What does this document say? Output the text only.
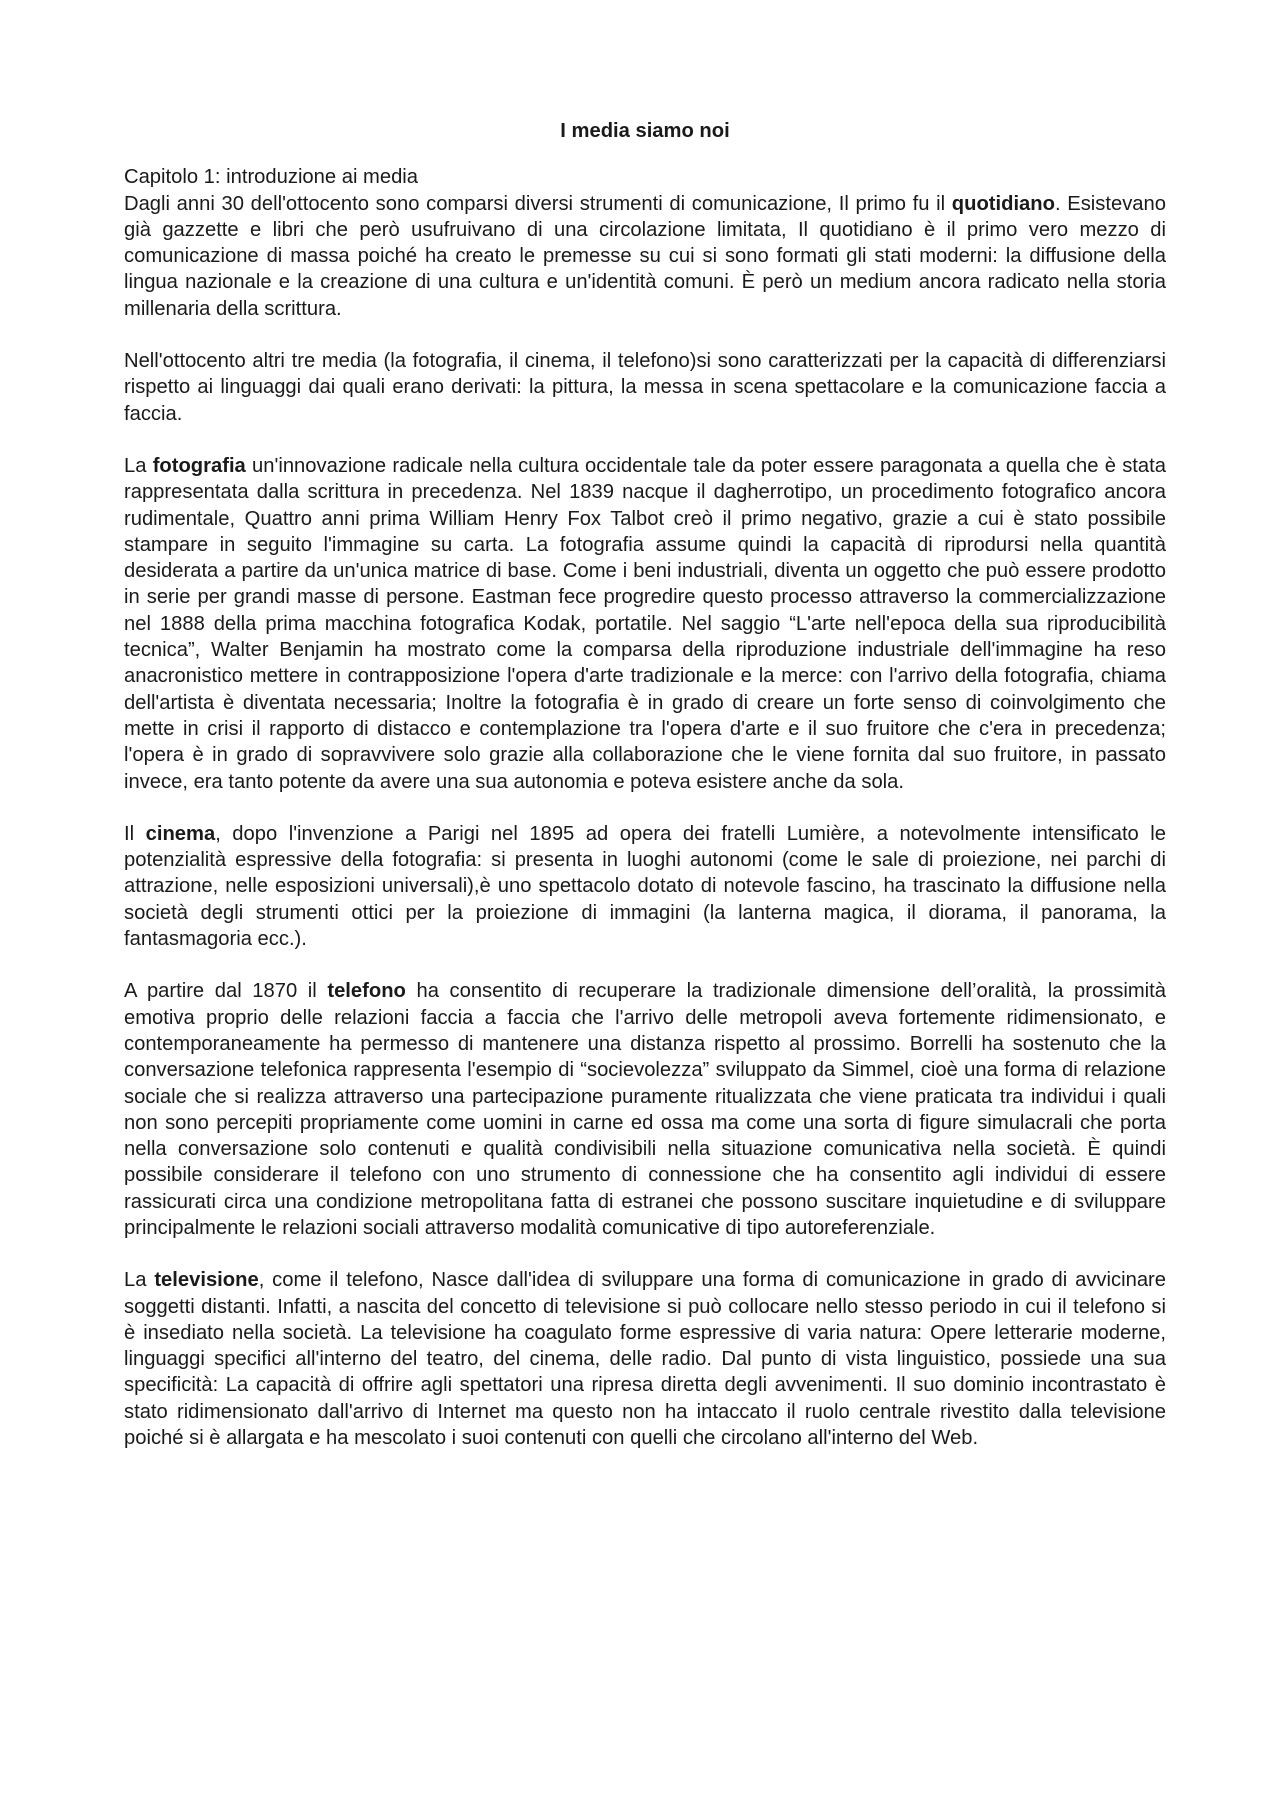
I media siamo noi
Capitolo 1: introduzione ai media

Dagli anni 30 dell'ottocento sono comparsi diversi strumenti di comunicazione, Il primo fu il quotidiano. Esistevano già gazzette e libri che però usufruivano di una circolazione limitata, Il quotidiano è il primo vero mezzo di comunicazione di massa poiché ha creato le premesse su cui si sono formati gli stati moderni: la diffusione della lingua nazionale e la creazione di una cultura e un'identità comuni. È però un medium ancora radicato nella storia millenaria della scrittura.

Nell'ottocento altri tre media (la fotografia, il cinema, il telefono)si sono caratterizzati per la capacità di differenziarsi rispetto ai linguaggi dai quali erano derivati: la pittura, la messa in scena spettacolare e la comunicazione faccia a faccia.

La fotografia un'innovazione radicale nella cultura occidentale tale da poter essere paragonata a quella che è stata rappresentata dalla scrittura in precedenza. Nel 1839 nacque il dagherrotipo, un procedimento fotografico ancora rudimentale, Quattro anni prima William Henry Fox Talbot creò il primo negativo, grazie a cui è stato possibile stampare in seguito l'immagine su carta. La fotografia assume quindi la capacità di riprodursi nella quantità desiderata a partire da un'unica matrice di base. Come i beni industriali, diventa un oggetto che può essere prodotto in serie per grandi masse di persone. Eastman fece progredire questo processo attraverso la commercializzazione nel 1888 della prima macchina fotografica Kodak, portatile. Nel saggio “L'arte nell'epoca della sua riproducibilità tecnica”, Walter Benjamin ha mostrato come la comparsa della riproduzione industriale dell'immagine ha reso anacronistico mettere in contrapposizione l'opera d'arte tradizionale e la merce: con l'arrivo della fotografia, chiama dell'artista è diventata necessaria; Inoltre la fotografia è in grado di creare un forte senso di coinvolgimento che mette in crisi il rapporto di distacco e contemplazione tra l'opera d'arte e il suo fruitore che c'era in precedenza; l'opera è in grado di sopravvivere solo grazie alla collaborazione che le viene fornita dal suo fruitore, in passato invece, era tanto potente da avere una sua autonomia e poteva esistere anche da sola.

Il cinema, dopo l'invenzione a Parigi nel 1895 ad opera dei fratelli Lumière, a notevolmente intensificato le potenzialità espressive della fotografia: si presenta in luoghi autonomi (come le sale di proiezione, nei parchi di attrazione, nelle esposizioni universali),è uno spettacolo dotato di notevole fascino, ha trascinato la diffusione nella società degli strumenti ottici per la proiezione di immagini (la lanterna magica, il diorama, il panorama, la fantasmagoria ecc.).

A partire dal 1870 il telefono ha consentito di recuperare la tradizionale dimensione dell’oralità, la prossimità emotiva proprio delle relazioni faccia a faccia che l'arrivo delle metropoli aveva fortemente ridimensionato, e contemporaneamente ha permesso di mantenere una distanza rispetto al prossimo. Borrelli ha sostenuto che la conversazione telefonica rappresenta l'esempio di “socievolezza” sviluppato da Simmel, cioè una forma di relazione sociale che si realizza attraverso una partecipazione puramente ritualizzata che viene praticata tra individui i quali non sono percepiti propriamente come uomini in carne ed ossa ma come una sorta di figure simulacrali che porta nella conversazione solo contenuti e qualità condivisibili nella situazione comunicativa nella società. È quindi possibile considerare il telefono con uno strumento di connessione che ha consentito agli individui di essere rassicurati circa una condizione metropolitana fatta di estranei che possono suscitare inquietudine e di sviluppare principalmente le relazioni sociali attraverso modalità comunicative di tipo autoreferenziale.

La televisione, come il telefono, Nasce dall'idea di sviluppare una forma di comunicazione in grado di avvicinare soggetti distanti. Infatti, a nascita del concetto di televisione si può collocare nello stesso periodo in cui il telefono si è insediato nella società. La televisione ha coagulato forme espressive di varia natura: Opere letterarie moderne, linguaggi specifici all'interno del teatro, del cinema, delle radio. Dal punto di vista linguistico, possiede una sua specificità: La capacità di offrire agli spettatori una ripresa diretta degli avvenimenti. Il suo dominio incontrastato è stato ridimensionato dall'arrivo di Internet ma questo non ha intaccato il ruolo centrale rivestito dalla televisione poiché si è allargata e ha mescolato i suoi contenuti con quelli che circolano all'interno del Web.
